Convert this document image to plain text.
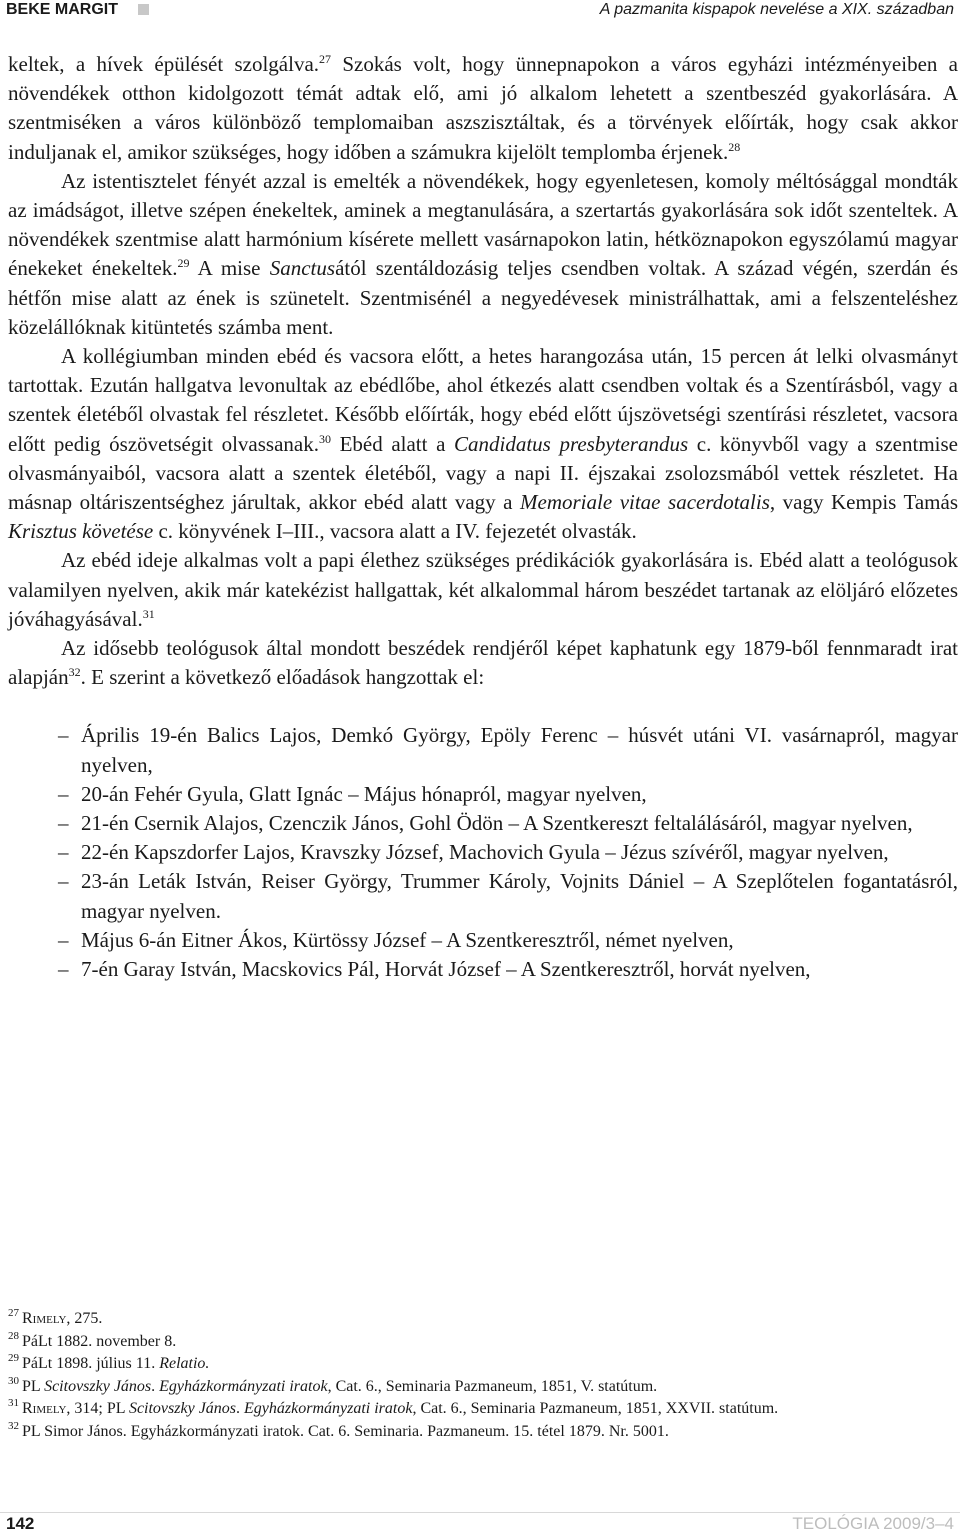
BEKE MARGIT	A pazmanita kispapok nevelése a XIX. században

keltek, a hívek épülését szolgálva.$^{27}$ Szokás volt, hogy ünnepnapokon a város egyházi intézményeiben a növendékek otthon kidolgozott témát adtak elő, ami jó alkalom lehetett a szentbeszéd gyakorlására. A szentmiséken a város különböző templomaiban aszszisztáltak, és a törvények előírták, hogy csak akkor induljanak el, amikor szükséges, hogy időben a számukra kijelölt templomba érjenek.$^{28}$

Az istentisztelet fényét azzal is emelték a növendékek, hogy egyenletesen, komoly méltósággal mondták az imádságot, illetve szépen énekeltek, aminek a megtanulására, a szertartás gyakorlására sok időt szenteltek. A növendékek szentmise alatt harmónium kísérete mellett vasárnapokon latin, hétköznapokon egyszólamú magyar énekeket énekeltek.$^{29}$ A mise Sanctusától szentáldozásig teljes csendben voltak. A század végén, szerdán és hétfőn mise alatt az ének is szünetelt. Szentmisénél a negyedévesek ministrálhattak, ami a felszenteléshez közelállóknak kitüntetés számba ment.

A kollégiumban minden ebéd és vacsora előtt, a hetes harangozása után, 15 percen át lelki olvasmányt tartottak. Ezután hallgatva levonultak az ebédlőbe, ahol étkezés alatt csendben voltak és a Szentírásból, vagy a szentek életéből olvastak fel részletet. Később előírták, hogy ebéd előtt újszövetségi szentírási részletet, vacsora előtt pedig ószövetségit olvassanak.$^{30}$ Ebéd alatt a Candidatus presbyterandus c. könyvből vagy a szentmise olvasmányaiból, vacsora alatt a szentek életéből, vagy a napi II. éjszakai zsolozsmából vettek részletet. Ha másnap oltáriszentséghez járultak, akkor ebéd alatt vagy a Memoriale vitae sacerdotalis, vagy Kempis Tamás Krisztus követése c. könyvének I–III., vacsora alatt a IV. fejezetét olvasták.

Az ebéd ideje alkalmas volt a papi élethez szükséges prédikációk gyakorlására is. Ebéd alatt a teológusok valamilyen nyelven, akik már katekézist hallgattak, két alkalommal három beszédet tartanak az elöljáró előzetes jóváhagyásával.$^{31}$

Az idősebb teológusok által mondott beszédek rendjéről képet kaphatunk egy 1879-ből fennmaradt irat alapján$^{32}$. E szerint a következő előadások hangzottak el:

– Április 19-én Balics Lajos, Demkó György, Epöly Ferenc – húsvét utáni VI. vasárnapról, magyar nyelven,
– 20-án Fehér Gyula, Glatt Ignác – Május hónapról, magyar nyelven,
– 21-én Csernik Alajos, Czenczik János, Gohl Ödön – A Szentkereszt feltalálásáról, magyar nyelven,
– 22-én Kapszdorfer Lajos, Kravszky József, Machovich Gyula – Jézus szívéről, magyar nyelven,
– 23-án Leták István, Reiser György, Trummer Károly, Vojnits Dániel – A Szeplőtelen fogantatásról, magyar nyelven.
– Május 6-án Eitner Ákos, Kürtössy József – A Szentkeresztről, német nyelven,
– 7-én Garay István, Macskovics Pál, Horvát József – A Szentkeresztről, horvát nyelven,
27 Rimely, 275.
28 PáLt 1882. november 8.
29 PáLt 1898. július 11. Relatio.
30 PL Scitovszky János. Egyházkormányzati iratok, Cat. 6., Seminaria Pazmaneum, 1851, V. statútum.
31 Rimely, 314; PL Scitovszky János. Egyházkormányzati iratok, Cat. 6., Seminaria Pazmaneum, 1851, XXVII. statútum.
32 PL Simor János. Egyházkormányzati iratok. Cat. 6. Seminaria. Pazmaneum. 15. tétel 1879. Nr. 5001.
142	TEOLÓGIA 2009/3–4
